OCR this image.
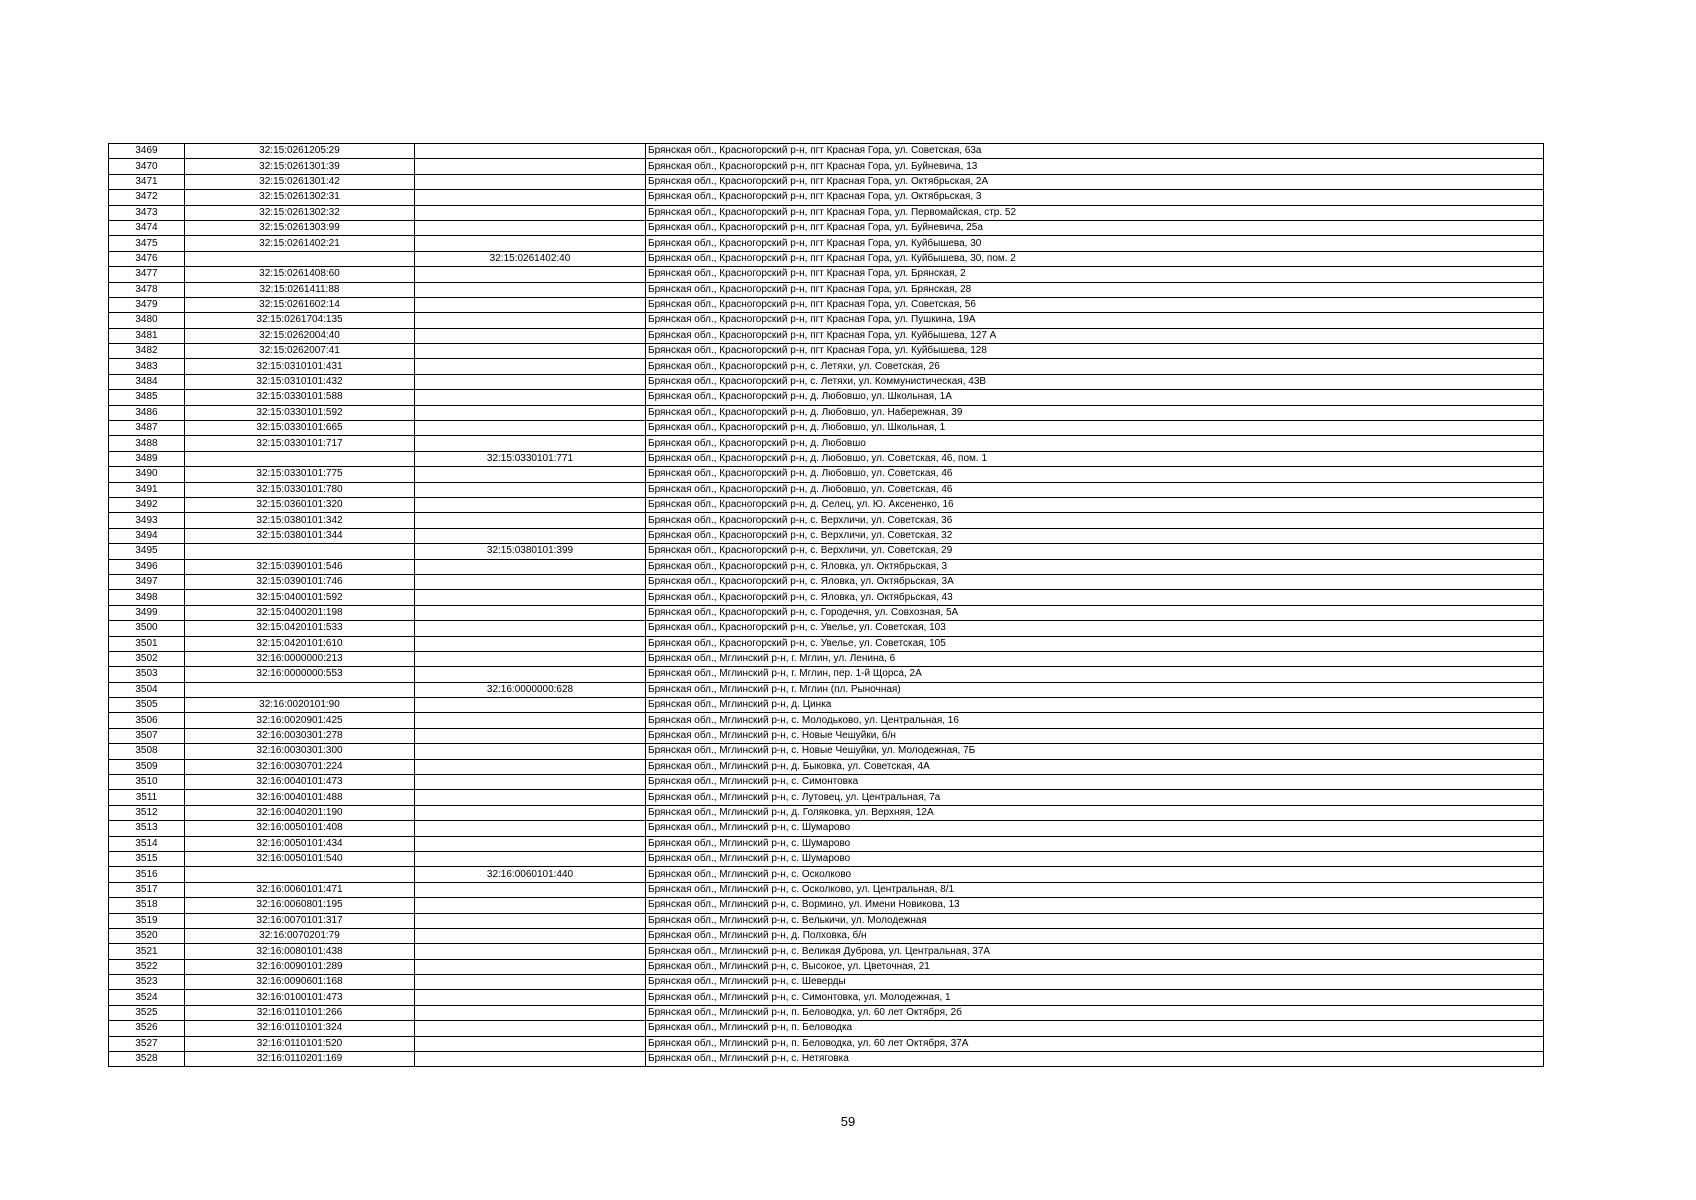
3469	32:15:0261205:29		Брянская обл., Красногорский р-н, пгт Красная Гора, ул. Советская, 63а
3470	32:15:0261301:39		Брянская обл., Красногорский р-н, пгт Красная Гора, ул. Буйневича, 13
3471	32:15:0261301:42		Брянская обл., Красногорский р-н, пгт Красная Гора, ул. Октябрьская, 2А
3472	32:15:0261302:31		Брянская обл., Красногорский р-н, пгт Красная Гора, ул. Октябрьская, 3
3473	32:15:0261302:32		Брянская обл., Красногорский р-н, пгт Красная Гора, ул. Первомайская, стр. 52
3474	32:15:0261303:99		Брянская обл., Красногорский р-н, пгт Красная Гора, ул. Буйневича, 25а
3475	32:15:0261402:21		Брянская обл., Красногорский р-н, пгт Красная Гора, ул. Куйбышева, 30
3476		32:15:0261402:40	Брянская обл., Красногорский р-н, пгт Красная Гора, ул. Куйбышева, 30, пом. 2
3477	32:15:0261408:60		Брянская обл., Красногорский р-н, пгт Красная Гора, ул. Брянская, 2
3478	32:15:0261411:88		Брянская обл., Красногорский р-н, пгт Красная Гора, ул. Брянская, 28
3479	32:15:0261602:14		Брянская обл., Красногорский р-н, пгт Красная Гора, ул. Советская, 56
3480	32:15:0261704:135		Брянская обл., Красногорский р-н, пгт Красная Гора, ул. Пушкина, 19А
3481	32:15:0262004:40		Брянская обл., Красногорский р-н, пгт Красная Гора, ул. Куйбышева, 127 А
3482	32:15:0262007:41		Брянская обл., Красногорский р-н, пгт Красная Гора, ул. Куйбышева, 128
3483	32:15:0310101:431		Брянская обл., Красногорский р-н, с. Летяхи, ул. Советская, 26
3484	32:15:0310101:432		Брянская обл., Красногорский р-н, с. Летяхи, ул. Коммунистическая, 43В
3485	32:15:0330101:588		Брянская обл., Красногорский р-н, д. Любовшо, ул. Школьная, 1А
3486	32:15:0330101:592		Брянская обл., Красногорский р-н, д. Любовшо, ул. Набережная, 39
3487	32:15:0330101:665		Брянская обл., Красногорский р-н, д. Любовшо, ул. Школьная, 1
3488	32:15:0330101:717		Брянская обл., Красногорский р-н, д. Любовшо
3489		32:15:0330101:771	Брянская обл., Красногорский р-н, д. Любовшо, ул. Советская, 46, пом. 1
3490	32:15:0330101:775		Брянская обл., Красногорский р-н, д. Любовшо, ул. Советская, 46
3491	32:15:0330101:780		Брянская обл., Красногорский р-н, д. Любовшо, ул. Советская, 46
3492	32:15:0360101:320		Брянская обл., Красногорский р-н, д. Селец, ул. Ю. Аксененко, 16
3493	32:15:0380101:342		Брянская обл., Красногорский р-н, с. Верхличи, ул. Советская, 36
3494	32:15:0380101:344		Брянская обл., Красногорский р-н, с. Верхличи, ул. Советская, 32
3495		32:15:0380101:399	Брянская обл., Красногорский р-н, с. Верхличи, ул. Советская, 29
3496	32:15:0390101:546		Брянская обл., Красногорский р-н, с. Яловка, ул. Октябрьская, 3
3497	32:15:0390101:746		Брянская обл., Красногорский р-н, с. Яловка, ул. Октябрьская, 3А
3498	32:15:0400101:592		Брянская обл., Красногорский р-н, с. Яловка, ул. Октябрьская, 43
3499	32:15:0400201:198		Брянская обл., Красногорский р-н, с. Городечня, ул. Совхозная, 5А
3500	32:15:0420101:533		Брянская обл., Красногорский р-н, с. Увелье, ул. Советская, 103
3501	32:15:0420101:610		Брянская обл., Красногорский р-н, с. Увелье, ул. Советская, 105
3502	32:16:0000000:213		Брянская обл., Мглинский р-н, г. Мглин, ул. Ленина, 6
3503	32:16:0000000:553		Брянская обл., Мглинский р-н, г. Мглин, пер. 1-й Щорса, 2А
3504		32:16:0000000:628	Брянская обл., Мглинский р-н, г. Мглин (пл. Рыночная)
3505	32:16:0020101:90		Брянская обл., Мглинский р-н, д. Цинка
3506	32:16:0020901:425		Брянская обл., Мглинский р-н, с. Молодьково, ул. Центральная, 16
3507	32:16:0030301:278		Брянская обл., Мглинский р-н, с. Новые Чешуйки, б/н
3508	32:16:0030301:300		Брянская обл., Мглинский р-н, с. Новые Чешуйки, ул. Молодежная, 7Б
3509	32:16:0030701:224		Брянская обл., Мглинский р-н, д. Быковка, ул. Советская, 4А
3510	32:16:0040101:473		Брянская обл., Мглинский р-н, с. Симонтовка
3511	32:16:0040101:488		Брянская обл., Мглинский р-н, с. Лутовец, ул. Центральная, 7а
3512	32:16:0040201:190		Брянская обл., Мглинский р-н, д. Голяковка, ул. Верхняя, 12А
3513	32:16:0050101:408		Брянская обл., Мглинский р-н, с. Шумарово
3514	32:16:0050101:434		Брянская обл., Мглинский р-н, с. Шумарово
3515	32:16:0050101:540		Брянская обл., Мглинский р-н, с. Шумарово
3516		32:16:0060101:440	Брянская обл., Мглинский р-н, с. Осколково
3517	32:16:0060101:471		Брянская обл., Мглинский р-н, с. Осколково, ул. Центральная, 8/1
3518	32:16:0060801:195		Брянская обл., Мглинский р-н, с. Вормино, ул. Имени Новикова, 13
3519	32:16:0070101:317		Брянская обл., Мглинский р-н, с. Велькичи, ул. Молодежная
3520	32:16:0070201:79		Брянская обл., Мглинский р-н, д. Полховка, б/н
3521	32:16:0080101:438		Брянская обл., Мглинский р-н, с. Великая Дуброва, ул. Центральная, 37А
3522	32:16:0090101:289		Брянская обл., Мглинский р-н, с. Высокое, ул. Цветочная, 21
3523	32:16:0090601:168		Брянская обл., Мглинский р-н, с. Шеверды
3524	32:16:0100101:473		Брянская обл., Мглинский р-н, с. Симонтовка, ул. Молодежная, 1
3525	32:16:0110101:266		Брянская обл., Мглинский р-н, п. Беловодка, ул. 60 лет Октября, 2б
3526	32:16:0110101:324		Брянская обл., Мглинский р-н, п. Беловодка
3527	32:16:0110101:520		Брянская обл., Мглинский р-н, п. Беловодка, ул. 60 лет Октября, 37А
3528	32:16:0110201:169		Брянская обл., Мглинский р-н, с. Нетяговка
59
